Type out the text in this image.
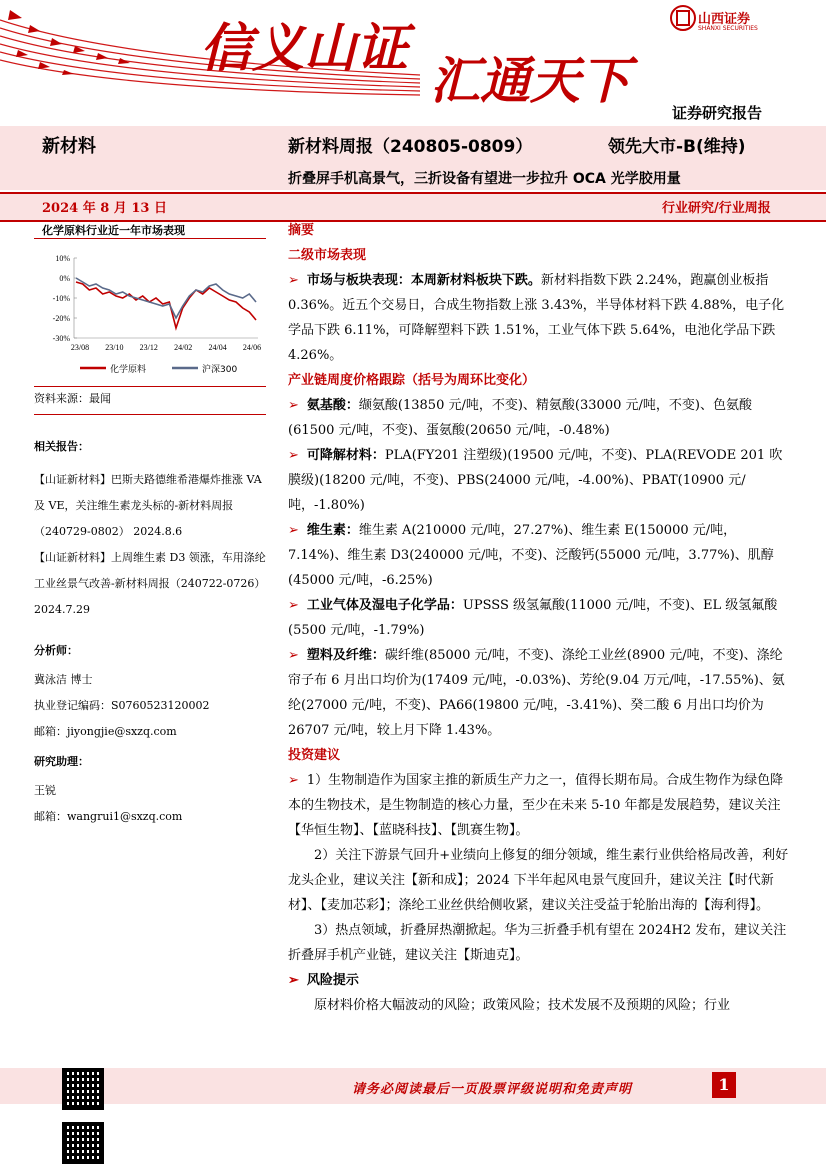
信义山证
汇通天下
山西证券
SHANXI SECURITIES
证券研究报告
新材料	新材料周报（240805-0809）	领先大市-B(维持)
折叠屏手机高景气，三折设备有望进一步拉升 OCA 光学胶用量
2024 年 8 月 13 日	行业研究/行业周报
化学原料行业近一年市场表现
10%
0%
-10%
-20%
-30%
23/08 23/10 23/12 24/02 24/04 24/06
化学原料	沪深300
资料来源：最闻

相关报告：

【山证新材料】巴斯夫路德维希港爆炸推涨 VA 及 VE，关注维生素龙头标的-新材料周报（240729-0802） 2024.8.6

【山证新材料】上周维生素 D3 领涨，车用涤纶工业丝景气改善-新材料周报（240722-0726） 2024.7.29

分析师：

冀泳洁 博士

执业登记编码：S0760523120002

邮箱：jiyongjie@sxzq.com

研究助理：

王锐

邮箱：wangrui1@sxzq.com

摘要

二级市场表现

➢ 市场与板块表现：本周新材料板块下跌。新材料指数下跌 2.24%，跑赢创业板指 0.36%。近五个交易日，合成生物指数上涨 3.43%，半导体材料下跌 4.88%，电子化学品下跌 6.11%，可降解塑料下跌 1.51%，工业气体下跌 5.64%，电池化学品下跌 4.26%。

产业链周度价格跟踪（括号为周环比变化）

➢ 氨基酸：缬氨酸(13850 元/吨，不变)、精氨酸(33000 元/吨，不变)、色氨酸(61500 元/吨，不变)、蛋氨酸(20650 元/吨，-0.48%)

➢ 可降解材料：PLA(FY201 注塑级)(19500 元/吨，不变)、PLA(REVODE 201 吹膜级)(18200 元/吨，不变)、PBS(24000 元/吨，-4.00%)、PBAT(10900 元/吨，-1.80%)

➢ 维生素：维生素 A(210000 元/吨，27.27%)、维生素 E(150000 元/吨，7.14%)、维生素 D3(240000 元/吨，不变)、泛酸钙(55000 元/吨，3.77%)、肌醇(45000 元/吨，-6.25%)

➢ 工业气体及湿电子化学品：UPSSS 级氢氟酸(11000 元/吨，不变)、EL 级氢氟酸(5500 元/吨，-1.79%)

➢ 塑料及纤维：碳纤维(85000 元/吨，不变)、涤纶工业丝(8900 元/吨，不变)、涤纶帘子布 6 月出口均价为(17409 元/吨，-0.03%)、芳纶(9.04 万元/吨，-17.55%)、氨纶(27000 元/吨，不变)、PA66(19800 元/吨，-3.41%)、癸二酸 6 月出口均价为 26707 元/吨，较上月下降 1.43%。

投资建议

➢ 1）生物制造作为国家主推的新质生产力之一，值得长期布局。合成生物作为绿色降本的生物技术，是生物制造的核心力量，至少在未来 5-10 年都是发展趋势，建议关注【华恒生物】、【蓝晓科技】、【凯赛生物】。

2）关注下游景气回升+业绩向上修复的细分领域，维生素行业供给格局改善，利好龙头企业，建议关注【新和成】；2024 下半年起风电景气度回升，建议关注【时代新材】、【麦加芯彩】；涤纶工业丝供给侧收紧，建议关注受益于轮胎出海的【海利得】。

3）热点领域，折叠屏热潮掀起。华为三折叠手机有望在 2024H2 发布，建议关注折叠屏手机产业链，建议关注【斯迪克】。

➢ 风险提示

原材料价格大幅波动的风险；政策风险；技术发展不及预期的风险；行业

请务必阅读最后一页股票评级说明和免责声明	1
